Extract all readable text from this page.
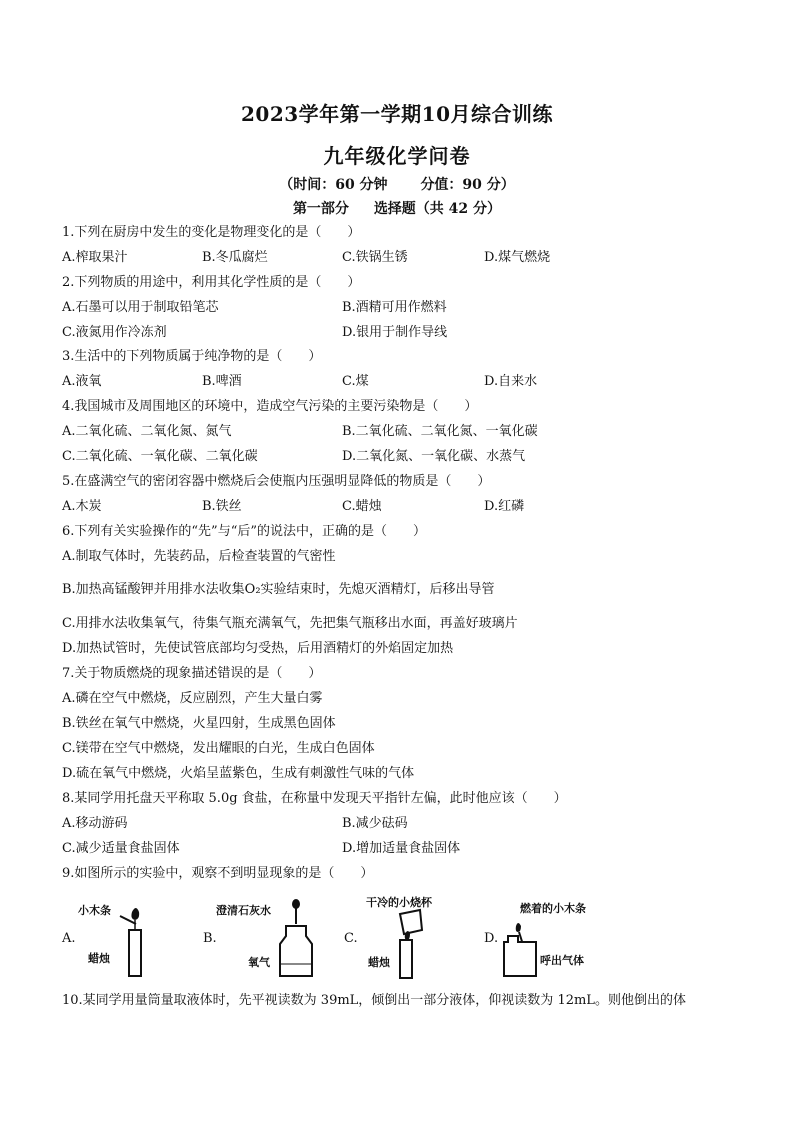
2023学年第一学期10月综合训练
九年级化学问卷
（时间：60 分钟 分值：90 分）
第一部分 选择题（共 42 分）
1.下列在厨房中发生的变化是物理变化的是（　　）
A.榨取果汁	B.冬瓜腐烂	C.铁锅生锈	D.煤气燃烧
2.下列物质的用途中，利用其化学性质的是（　　）
A.石墨可以用于制取铅笔芯	B.酒精可用作燃料
C.液氮用作冷冻剂	D.银用于制作导线
3.生活中的下列物质属于纯净物的是（　　）
A.液氧	B.啤酒	C.煤	D.自来水
4.我国城市及周围地区的环境中，造成空气污染的主要污染物是（　　）
A.二氧化硫、二氧化氮、氮气	B.二氧化硫、二氧化氮、一氧化碳
C.二氧化硫、一氧化碳、二氧化碳	D.二氧化氮、一氧化碳、水蒸气
5.在盛满空气的密闭容器中燃烧后会使瓶内压强明显降低的物质是（　　）
A.木炭	B.铁丝	C.蜡烛	D.红磷
6.下列有关实验操作的“先”与“后”的说法中，正确的是（　　）
A.制取气体时，先装药品，后检查装置的气密性
B.加热高锰酸钾并用排水法收集O₂实验结束时，先熄灭酒精灯，后移出导管
C.用排水法收集氧气，待集气瓶充满氧气，先把集气瓶移出水面，再盖好玻璃片
D.加热试管时，先使试管底部均匀受热，后用酒精灯的外焰固定加热
7.关于物质燃烧的现象描述错误的是（　　）
A.磷在空气中燃烧，反应剧烈，产生大量白雾
B.铁丝在氧气中燃烧，火星四射，生成黑色固体
C.镁带在空气中燃烧，发出耀眼的白光，生成白色固体
D.硫在氧气中燃烧，火焰呈蓝紫色，生成有刺激性气味的气体
8.某同学用托盘天平称取 5.0g 食盐，在称量中发现天平指针左偏，此时他应该（　　）
A.移动游码	B.减少砝码
C.减少适量食盐固体	D.增加适量食盐固体
9.如图所示的实验中，观察不到明显现象的是（　　）
A.
小木条
蜡烛
B.
澄清石灰水
氧气
C.
干冷的小烧杯
蜡烛
D.
燃着的小木条
呼出气体
10.某同学用量筒量取液体时，先平视读数为 39mL，倾倒出一部分液体，仰视读数为 12mL。则他倒出的体
